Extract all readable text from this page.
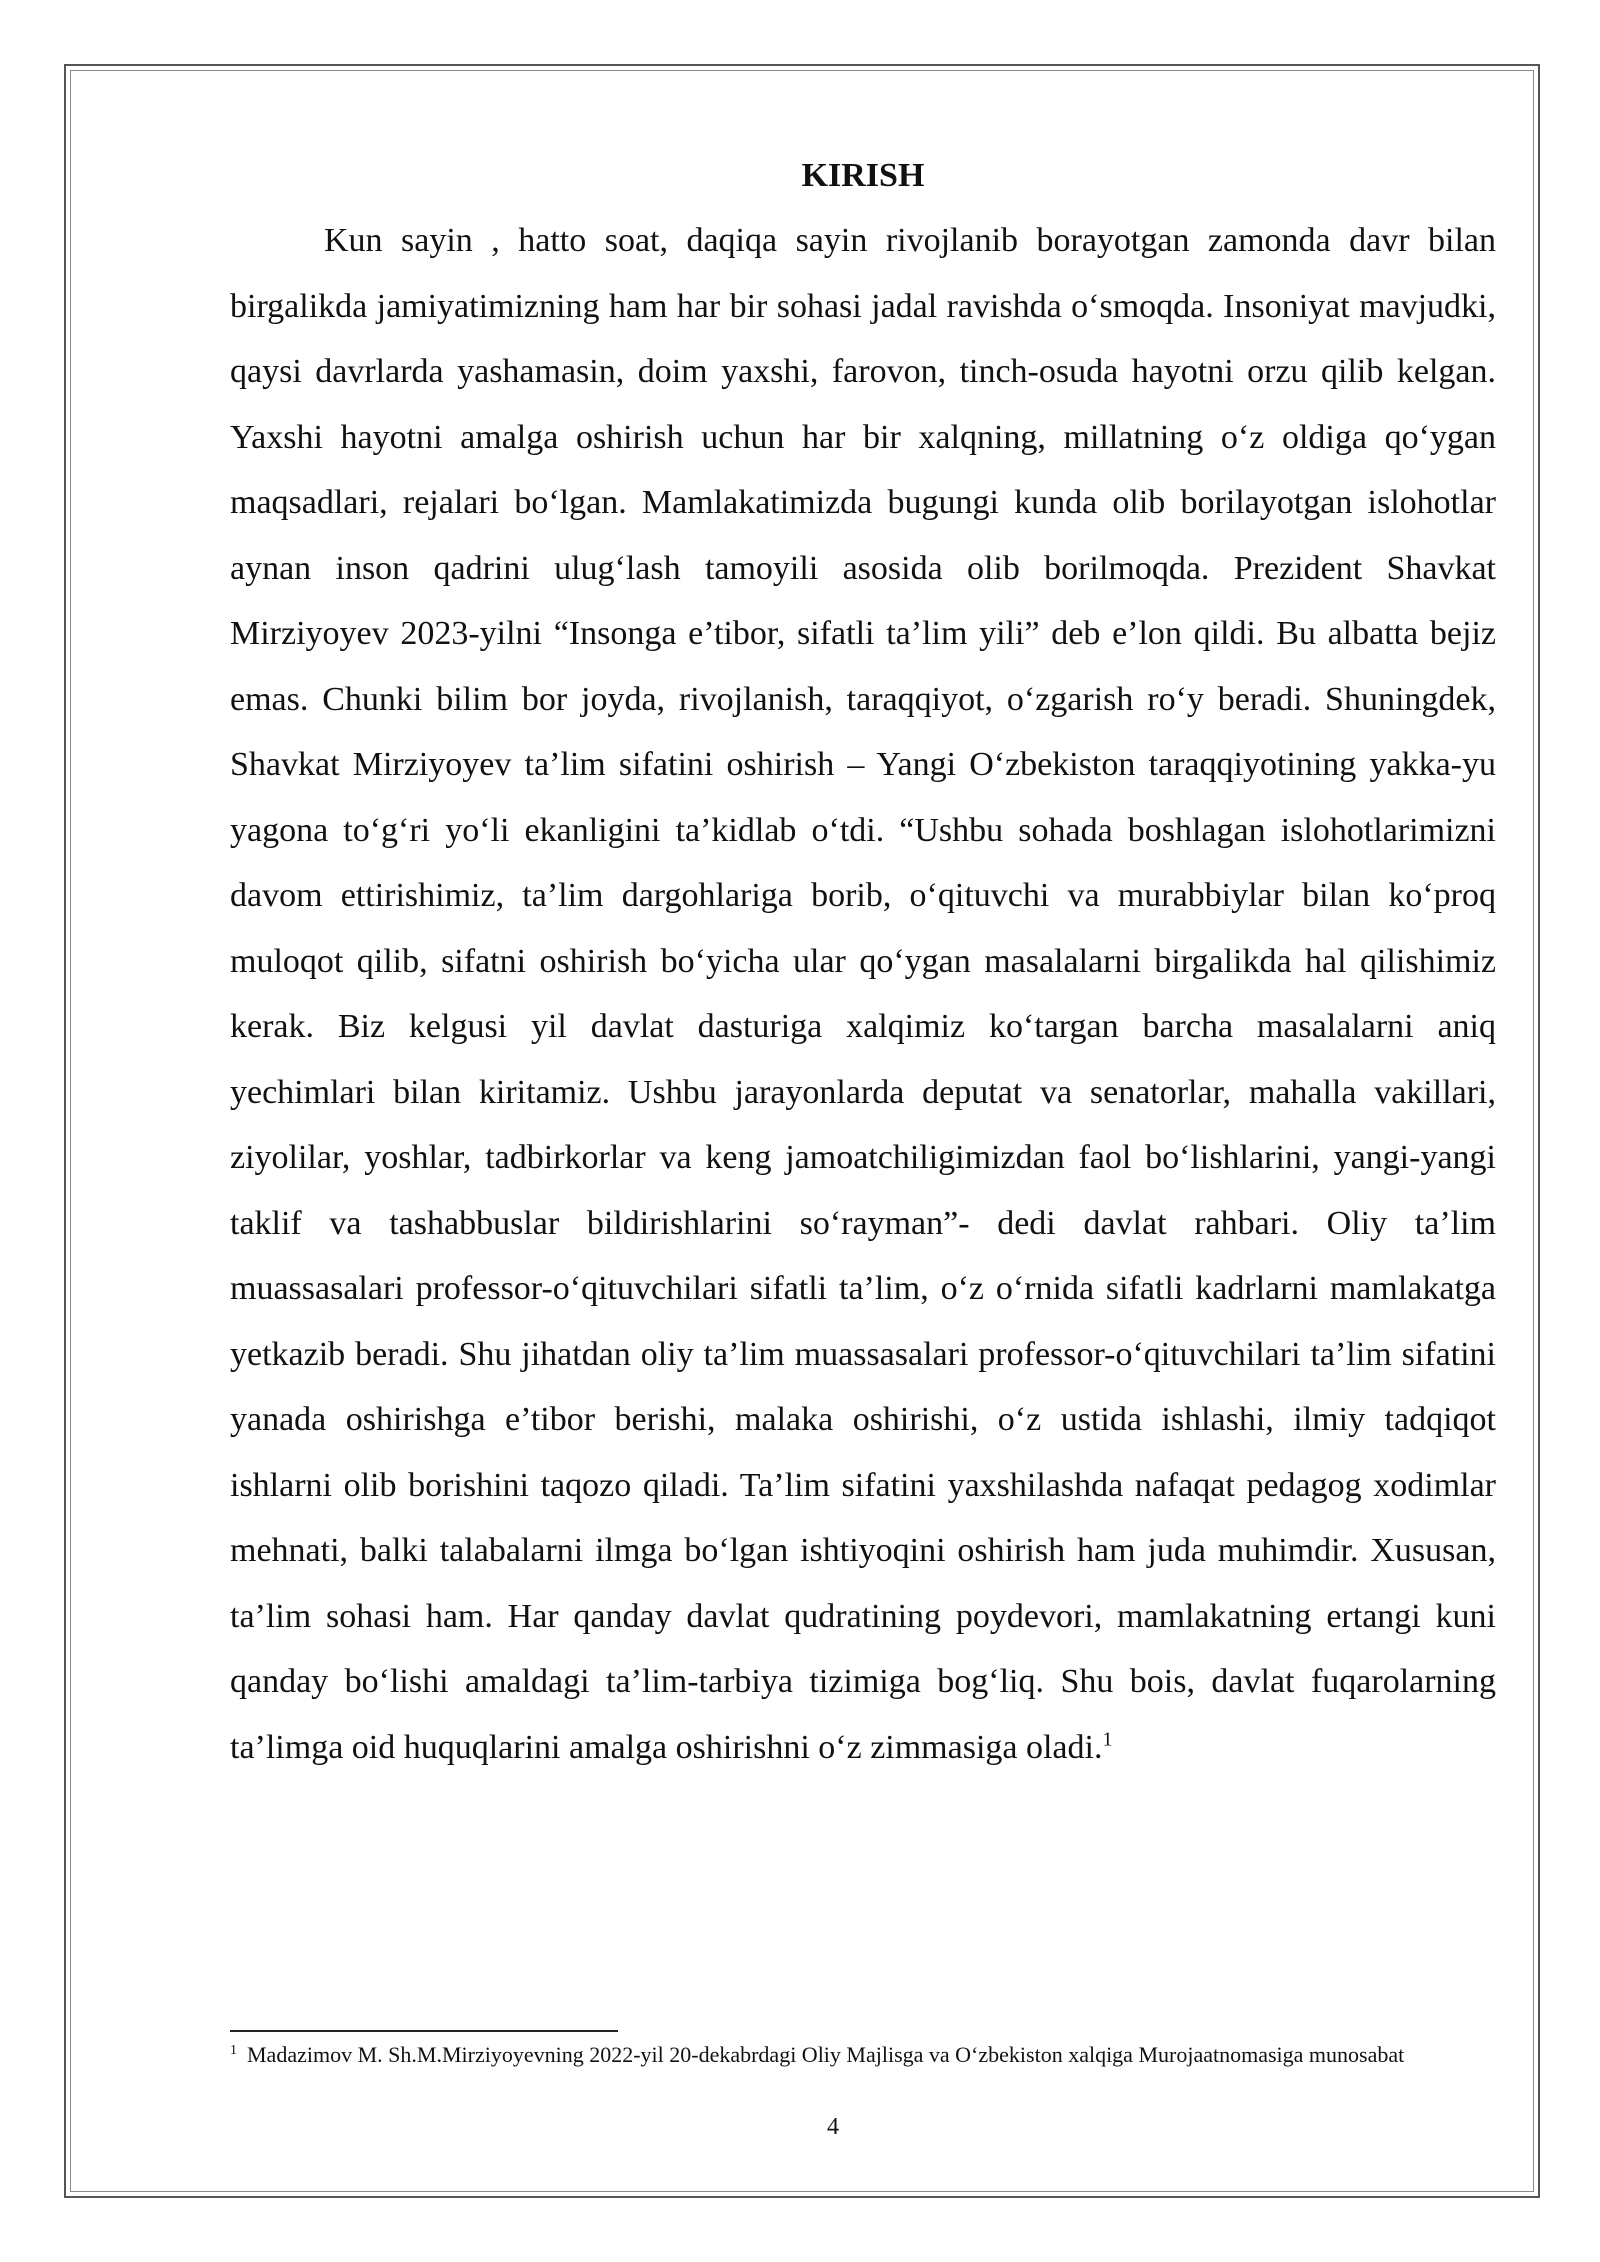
KIRISH

Kun sayin , hatto soat, daqiqa sayin rivojlanib borayotgan zamonda davr bilan birgalikda jamiyatimizning ham har bir sohasi jadal ravishda o‘smoqda. Insoniyat mavjudki, qaysi davrlarda yashamasin, doim yaxshi, farovon, tinch-osuda hayotni orzu qilib kelgan. Yaxshi hayotni amalga oshirish uchun har bir xalqning, millatning o‘z oldiga qo‘ygan maqsadlari, rejalari bo‘lgan. Mamlakatimizda bugungi kunda olib borilayotgan islohotlar aynan inson qadrini ulug‘lash tamoyili asosida olib borilmoqda. Prezident Shavkat Mirziyoyev 2023-yilni “Insonga e’tibor, sifatli ta’lim yili” deb e’lon qildi. Bu albatta bejiz emas. Chunki bilim bor joyda, rivojlanish, taraqqiyot, o‘zgarish ro‘y beradi. Shuningdek, Shavkat Mirziyoyev ta’lim sifatini oshirish – Yangi O‘zbekiston taraqqiyotining yakka-yu yagona to‘g‘ri yo‘li ekanligini ta’kidlab o‘tdi. “Ushbu sohada boshlagan islohotlarimizni davom ettirishimiz, ta’lim dargohlariga borib, o‘qituvchi va murabbiylar bilan ko‘proq muloqot qilib, sifatni oshirish bo‘yicha ular qo‘ygan masalalarni birgalikda hal qilishimiz kerak. Biz kelgusi yil davlat dasturiga xalqimiz ko‘targan barcha masalalarni aniq yechimlari bilan kiritamiz. Ushbu jarayonlarda deputat va senatorlar, mahalla vakillari, ziyolilar, yoshlar, tadbirkorlar va keng jamoatchiligimizdan faol bo‘lishlarini, yangi-yangi taklif va tashabbuslar bildirishlarini so‘rayman”- dedi davlat rahbari. Oliy ta’lim muassasalari professor-o‘qituvchilari sifatli ta’lim, o‘z o‘rnida sifatli kadrlarni mamlakatga yetkazib beradi. Shu jihatdan oliy ta’lim muassasalari professor-o‘qituvchilari ta’lim sifatini yanada oshirishga e’tibor berishi, malaka oshirishi, o‘z ustida ishlashi, ilmiy tadqiqot ishlarni olib borishini taqozo qiladi. Ta’lim sifatini yaxshilashda nafaqat pedagog xodimlar mehnati, balki talabalarni ilmga bo‘lgan ishtiyoqini oshirish ham juda muhimdir. Xususan, ta’lim sohasi ham. Har qanday davlat qudratining poydevori, mamlakatning ertangi kuni qanday bo‘lishi amaldagi ta’lim-tarbiya tizimiga bog‘liq. Shu bois, davlat fuqarolarning ta’limga oid huquqlarini amalga oshirishni o‘z zimmasiga oladi.$^1$

$^1$ Madazimov M. Sh.M.Mirziyoyevning 2022-yil 20-dekabrdagi Oliy Majlisga va O‘zbekiston xalqiga Murojaatnomasiga munosabat
4
